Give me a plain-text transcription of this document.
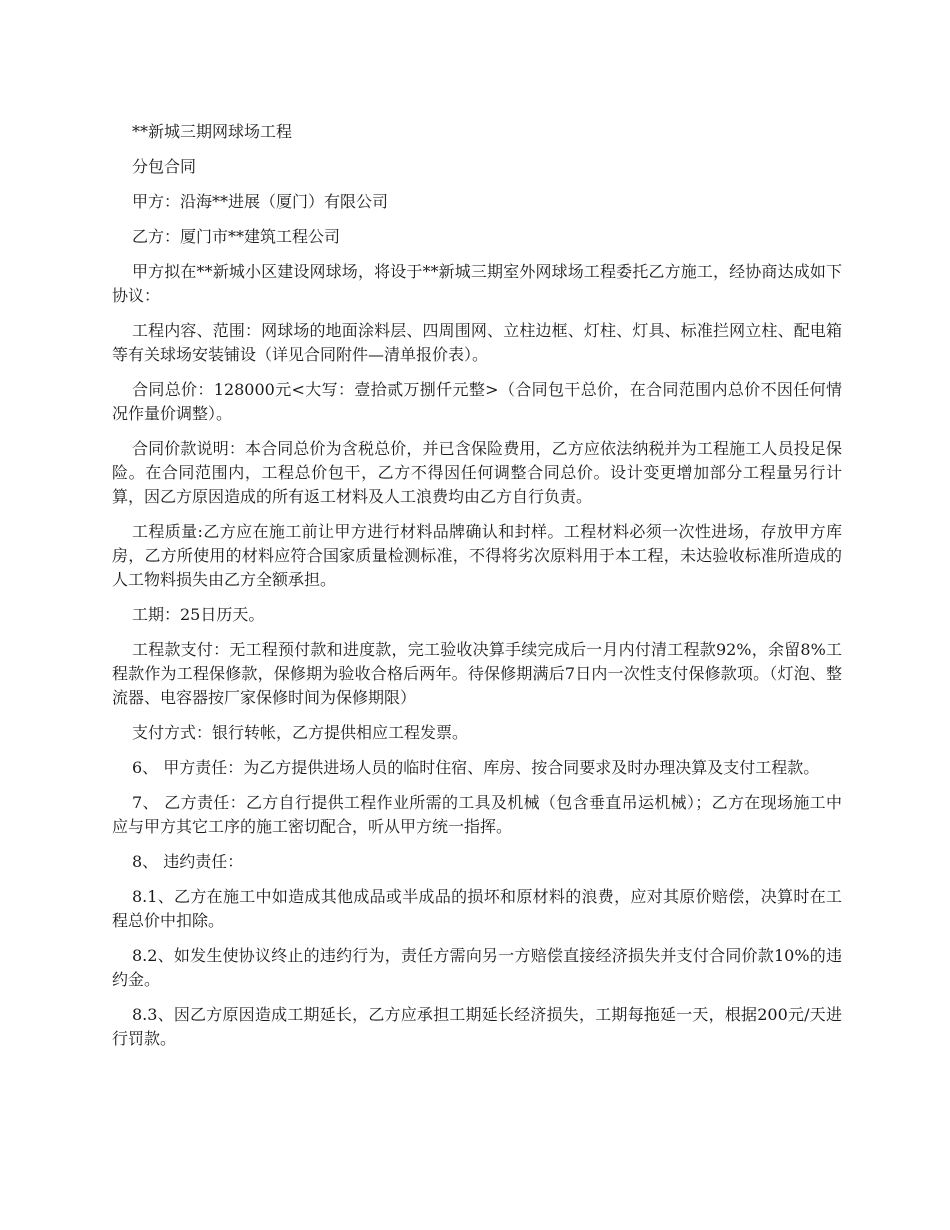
**新城三期网球场工程

分包合同

甲方：沿海**进展（厦门）有限公司

乙方：厦门市**建筑工程公司

甲方拟在**新城小区建设网球场，将设于**新城三期室外网球场工程委托乙方施工，经协商达成如下协议：

工程内容、范围：网球场的地面涂料层、四周围网、立柱边框、灯柱、灯具、标准拦网立柱、配电箱等有关球场安装铺设（详见合同附件—清单报价表）。

合同总价：128000元<大写：壹拾贰万捌仟元整>（合同包干总价，在合同范围内总价不因任何情况作量价调整）。

合同价款说明：本合同总价为含税总价，并已含保险费用，乙方应依法纳税并为工程施工人员投足保险。在合同范围内，工程总价包干，乙方不得因任何调整合同总价。设计变更增加部分工程量另行计算，因乙方原因造成的所有返工材料及人工浪费均由乙方自行负责。

工程质量:乙方应在施工前让甲方进行材料品牌确认和封样。工程材料必须一次性进场，存放甲方库房，乙方所使用的材料应符合国家质量检测标准，不得将劣次原料用于本工程，未达验收标准所造成的人工物料损失由乙方全额承担。

工期：25日历天。

工程款支付：无工程预付款和进度款，完工验收决算手续完成后一月内付清工程款92%，余留8%工程款作为工程保修款，保修期为验收合格后两年。待保修期满后7日内一次性支付保修款项。（灯泡、整流器、电容器按厂家保修时间为保修期限）

支付方式：银行转帐，乙方提供相应工程发票。

6、 甲方责任：为乙方提供进场人员的临时住宿、库房、按合同要求及时办理决算及支付工程款。

7、 乙方责任：乙方自行提供工程作业所需的工具及机械（包含垂直吊运机械）；乙方在现场施工中应与甲方其它工序的施工密切配合，听从甲方统一指挥。

8、 违约责任：

8.1、乙方在施工中如造成其他成品或半成品的损坏和原材料的浪费，应对其原价赔偿，决算时在工程总价中扣除。

8.2、如发生使协议终止的违约行为，责任方需向另一方赔偿直接经济损失并支付合同价款10%的违约金。

8.3、因乙方原因造成工期延长，乙方应承担工期延长经济损失，工期每拖延一天，根据200元/天进行罚款。
